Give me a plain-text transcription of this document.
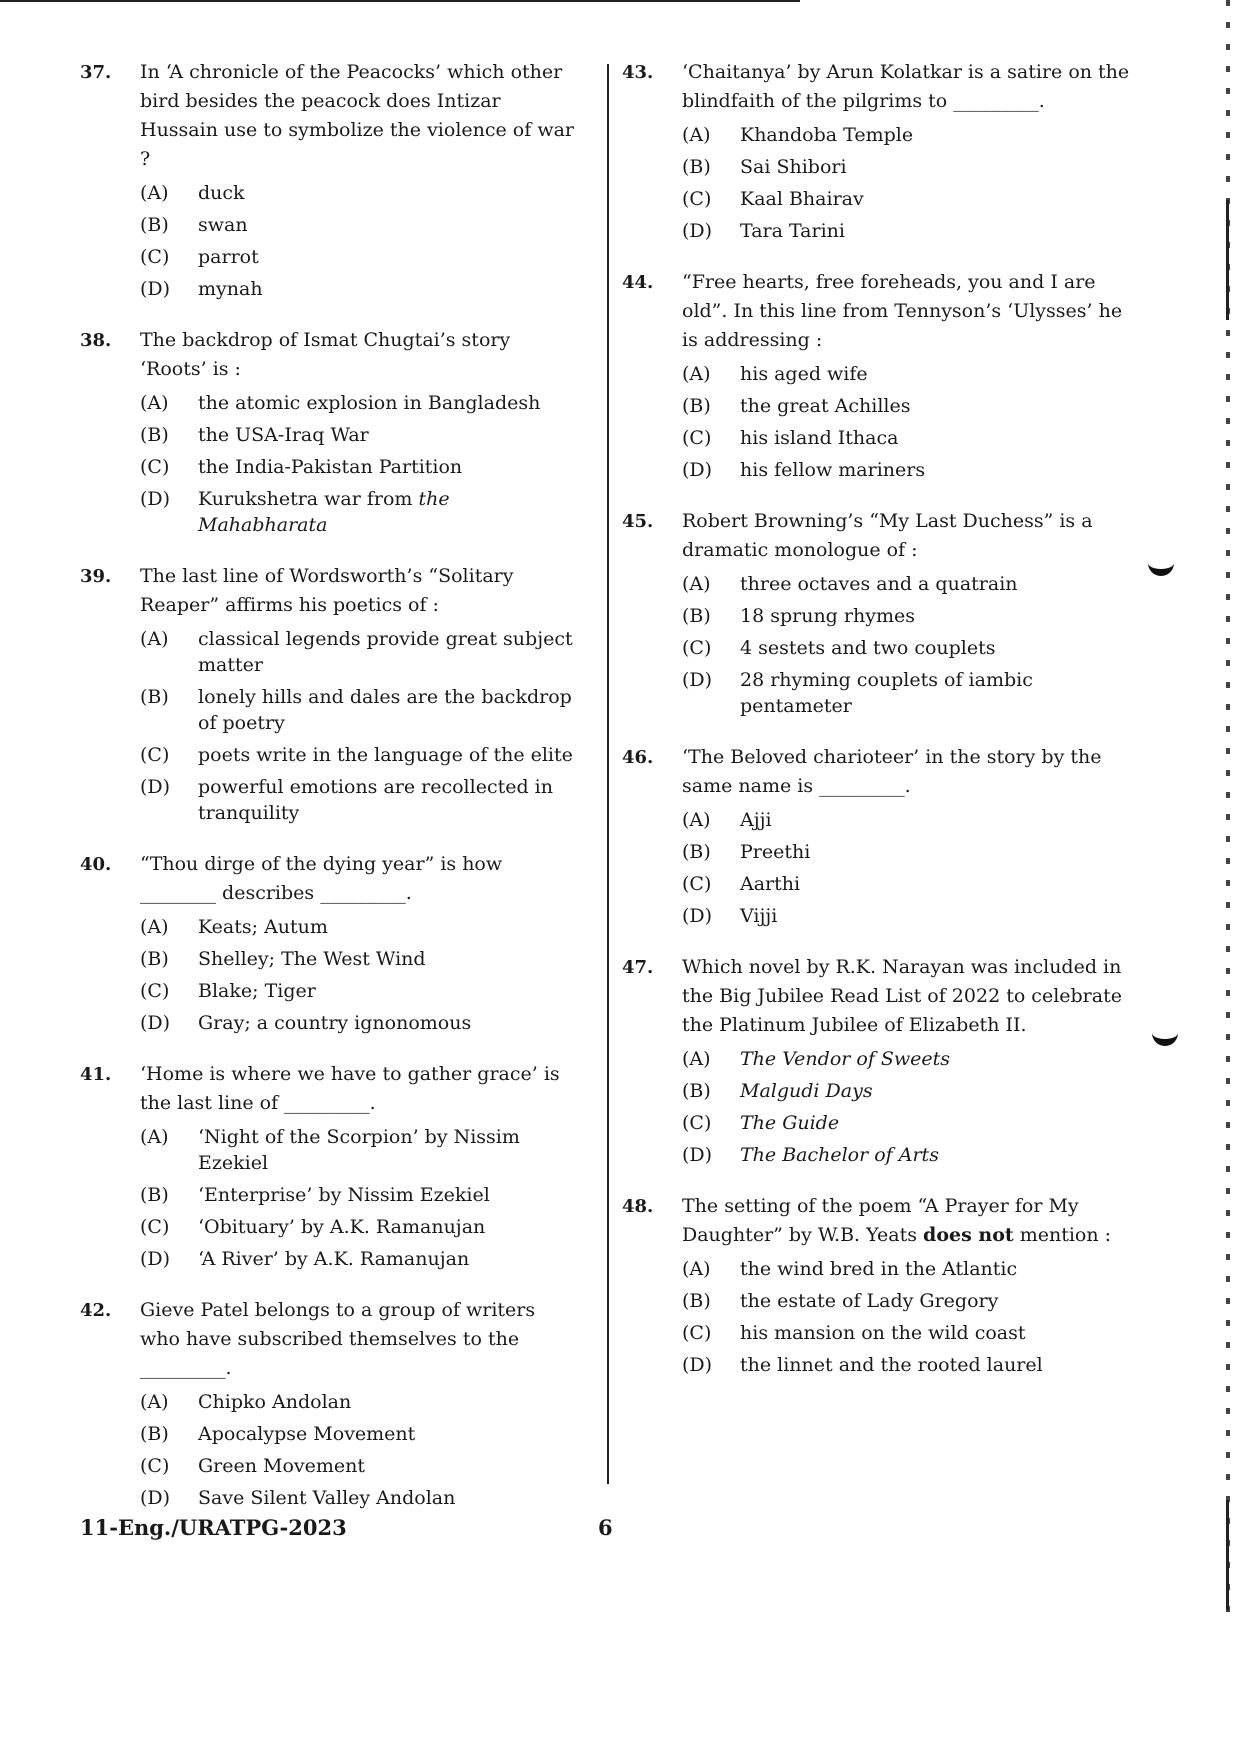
37.	In ‘A chronicle of the Peacocks’ which other bird besides the peacock does Intizar Hussain use to symbolize the violence of war ?
(A)	duck
(B)	swan
(C)	parrot
(D)	mynah
38.	The backdrop of Ismat Chugtai’s story ‘Roots’ is :
(A)	the atomic explosion in Bangladesh
(B)	the USA-Iraq War
(C)	the India-Pakistan Partition
(D)	Kurukshetra war from the Mahabharata
39.	The last line of Wordsworth’s “Solitary Reaper” affirms his poetics of :
(A)	classical legends provide great subject matter
(B)	lonely hills and dales are the backdrop of poetry
(C)	poets write in the language of the elite
(D)	powerful emotions are recollected in tranquility
40.	“Thou dirge of the dying year” is how ________ describes _________.
(A)	Keats; Autum
(B)	Shelley; The West Wind
(C)	Blake; Tiger
(D)	Gray; a country ignonomous
41.	‘Home is where we have to gather grace’ is the last line of _________.
(A)	‘Night of the Scorpion’ by Nissim Ezekiel
(B)	‘Enterprise’ by Nissim Ezekiel
(C)	‘Obituary’ by A.K. Ramanujan
(D)	‘A River’ by A.K. Ramanujan
42.	Gieve Patel belongs to a group of writers who have subscribed themselves to the _________.
(A)	Chipko Andolan
(B)	Apocalypse Movement
(C)	Green Movement
(D)	Save Silent Valley Andolan
43.	‘Chaitanya’ by Arun Kolatkar is a satire on the blindfaith of the pilgrims to _________.
(A)	Khandoba Temple
(B)	Sai Shibori
(C)	Kaal Bhairav
(D)	Tara Tarini
44.	“Free hearts, free foreheads, you and I are old”. In this line from Tennyson’s ‘Ulysses’ he is addressing :
(A)	his aged wife
(B)	the great Achilles
(C)	his island Ithaca
(D)	his fellow mariners
45.	Robert Browning’s “My Last Duchess” is a dramatic monologue of :
(A)	three octaves and a quatrain
(B)	18 sprung rhymes
(C)	4 sestets and two couplets
(D)	28 rhyming couplets of iambic pentameter
46.	‘The Beloved charioteer’ in the story by the same name is _________.
(A)	Ajji
(B)	Preethi
(C)	Aarthi
(D)	Vijji
47.	Which novel by R.K. Narayan was included in the Big Jubilee Read List of 2022 to celebrate the Platinum Jubilee of Elizabeth II.
(A)	The Vendor of Sweets
(B)	Malgudi Days
(C)	The Guide
(D)	The Bachelor of Arts
48.	The setting of the poem “A Prayer for My Daughter” by W.B. Yeats does not mention :
(A)	the wind bred in the Atlantic
(B)	the estate of Lady Gregory
(C)	his mansion on the wild coast
(D)	the linnet and the rooted laurel
11-Eng./URATPG-2023	6
